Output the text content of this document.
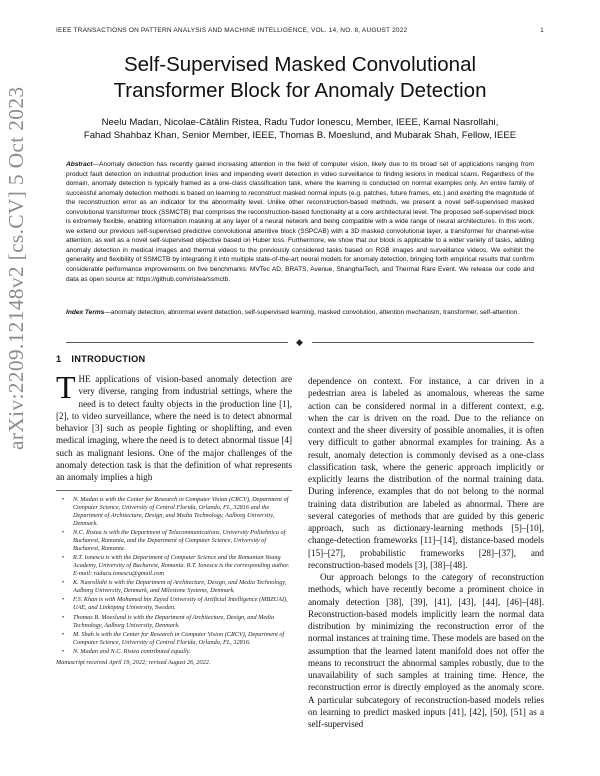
IEEE TRANSACTIONS ON PATTERN ANALYSIS AND MACHINE INTELLIGENCE, VOL. 14, NO. 8, AUGUST 2022	1
arXiv:2209.12148v2 [cs.CV] 5 Oct 2023
Self-Supervised Masked Convolutional
Transformer Block for Anomaly Detection
Neelu Madan, Nicolae-Cătălin Ristea, Radu Tudor Ionescu, Member, IEEE, Kamal Nasrollahi,
Fahad Shahbaz Khan, Senior Member, IEEE, Thomas B. Moeslund, and Mubarak Shah, Fellow, IEEE
Abstract—Anomaly detection has recently gained increasing attention in the field of computer vision, likely due to its broad set of applications ranging from product fault detection on industrial production lines and impending event detection in video surveillance to finding lesions in medical scans. Regardless of the domain, anomaly detection is typically framed as a one-class classification task, where the learning is conducted on normal examples only. An entire family of successful anomaly detection methods is based on learning to reconstruct masked normal inputs (e.g. patches, future frames, etc.) and exerting the magnitude of the reconstruction error as an indicator for the abnormality level. Unlike other reconstruction-based methods, we present a novel self-supervised masked convolutional transformer block (SSMCTB) that comprises the reconstruction-based functionality at a core architectural level. The proposed self-supervised block is extremely flexible, enabling information masking at any layer of a neural network and being compatible with a wide range of neural architectures. In this work, we extend our previous self-supervised predictive convolutional attentive block (SSPCAB) with a 3D masked convolutional layer, a transformer for channel-wise attention, as well as a novel self-supervised objective based on Huber loss. Furthermore, we show that our block is applicable to a wider variety of tasks, adding anomaly detection in medical images and thermal videos to the previously considered tasks based on RGB images and surveillance videos. We exhibit the generality and flexibility of SSMCTB by integrating it into multiple state-of-the-art neural models for anomaly detection, bringing forth empirical results that confirm considerable performance improvements on five benchmarks: MVTec AD, BRATS, Avenue, ShanghaiTech, and Thermal Rare Event. We release our code and data as open source at: https://github.com/ristea/ssmctb.
Index Terms—anomaly detection, abnormal event detection, self-supervised learning, masked convolution, attention mechanism, transformer, self-attention.
◆
1 INTRODUCTION

THE applications of vision-based anomaly detection are very diverse, ranging from industrial settings, where the need is to detect faulty objects in the production line [1], [2], to video surveillance, where the need is to detect abnormal behavior [3] such as people fighting or shoplifting, and even medical imaging, where the need is to detect abnormal tissue [4] such as malignant lesions. One of the major challenges of the anomaly detection task is that the definition of what represents an anomaly implies a high

• N. Madan is with the Center for Research in Computer Vision (CRCV), Department of Computer Science, University of Central Florida, Orlando, FL, 32816 and the Department of Architecture, Design, and Media Technology, Aalborg University, Denmark.
• N.C. Ristea is with the Department of Telecommunications, University Politehnica of Bucharest, Romania, and the Department of Computer Science, University of Bucharest, Romania.
• R.T. Ionescu is with the Department of Computer Science and the Romanian Young Academy, University of Bucharest, Romania. R.T. Ionescu is the corresponding author. E-mail: raducu.ionescu@gmail.com
• K. Nasrollahi is with the Department of Architecture, Design, and Media Technology, Aalborg University, Denmark, and Milestone Systems, Denmark.
• F.S. Khan is with Mohamed bin Zayed University of Artificial Intelligence (MBZUAI), UAE, and Linköping University, Sweden.
• Thomas B. Moeslund is with the Department of Architecture, Design, and Media Technology, Aalborg University, Denmark.
• M. Shah is with the Center for Research in Computer Vision (CRCV), Department of Computer Science, University of Central Florida, Orlando, FL, 32816.
• N. Madan and N.C. Ristea contributed equally.
Manuscript received April 19, 2022; revised August 26, 2022.

dependence on context. For instance, a car driven in a pedestrian area is labeled as anomalous, whereas the same action can be considered normal in a different context, e.g. when the car is driven on the road. Due to the reliance on context and the sheer diversity of possible anomalies, it is often very difficult to gather abnormal examples for training. As a result, anomaly detection is commonly devised as a one-class classification task, where the generic approach implicitly or explicitly learns the distribution of the normal training data. During inference, examples that do not belong to the normal training data distribution are labeled as abnormal. There are several categories of methods that are guided by this generic approach, such as dictionary-learning methods [5]–[10], change-detection frameworks [11]–[14], distance-based models [15]–[27], probabilistic frameworks [28]–[37], and reconstruction-based models [3], [38]–[48].

Our approach belongs to the category of reconstruction methods, which have recently become a prominent choice in anomaly detection [38], [39], [41], [43], [44], [46]–[48]. Reconstruction-based models implicitly learn the normal data distribution by minimizing the reconstruction error of the normal instances at training time. These models are based on the assumption that the learned latent manifold does not offer the means to reconstruct the abnormal samples robustly, due to the unavailability of such samples at training time. Hence, the reconstruction error is directly employed as the anomaly score. A particular subcategory of reconstruction-based models relies on learning to predict masked inputs [41], [42], [50], [51] as a self-supervised
